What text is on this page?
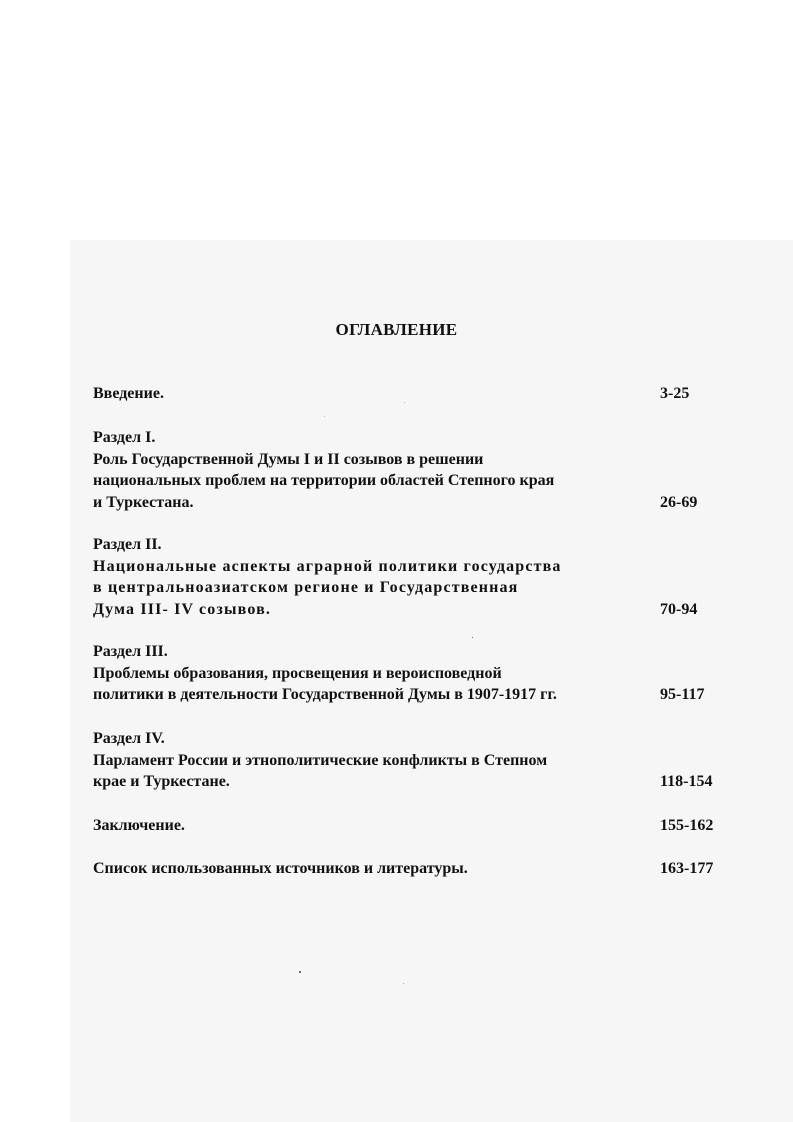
ОГЛАВЛЕНИЕ
Введение.	3-25
Раздел I.
Роль Государственной Думы I и II созывов в решении
национальных проблем на территории областей Степного края
и Туркестана.	26-69
Раздел II.
Национальные аспекты аграрной политики государства
в центральноазиатском регионе и Государственная
Дума III- IV созывов.	70-94
Раздел III.
Проблемы образования, просвещения и вероисповедной
политики в деятельности Государственной Думы в 1907-1917 гг.	95-117
Раздел IV.
Парламент России и этнополитические конфликты в Степном
крае и Туркестане.	118-154
Заключение.	155-162
Список использованных источников и литературы.	163-177
